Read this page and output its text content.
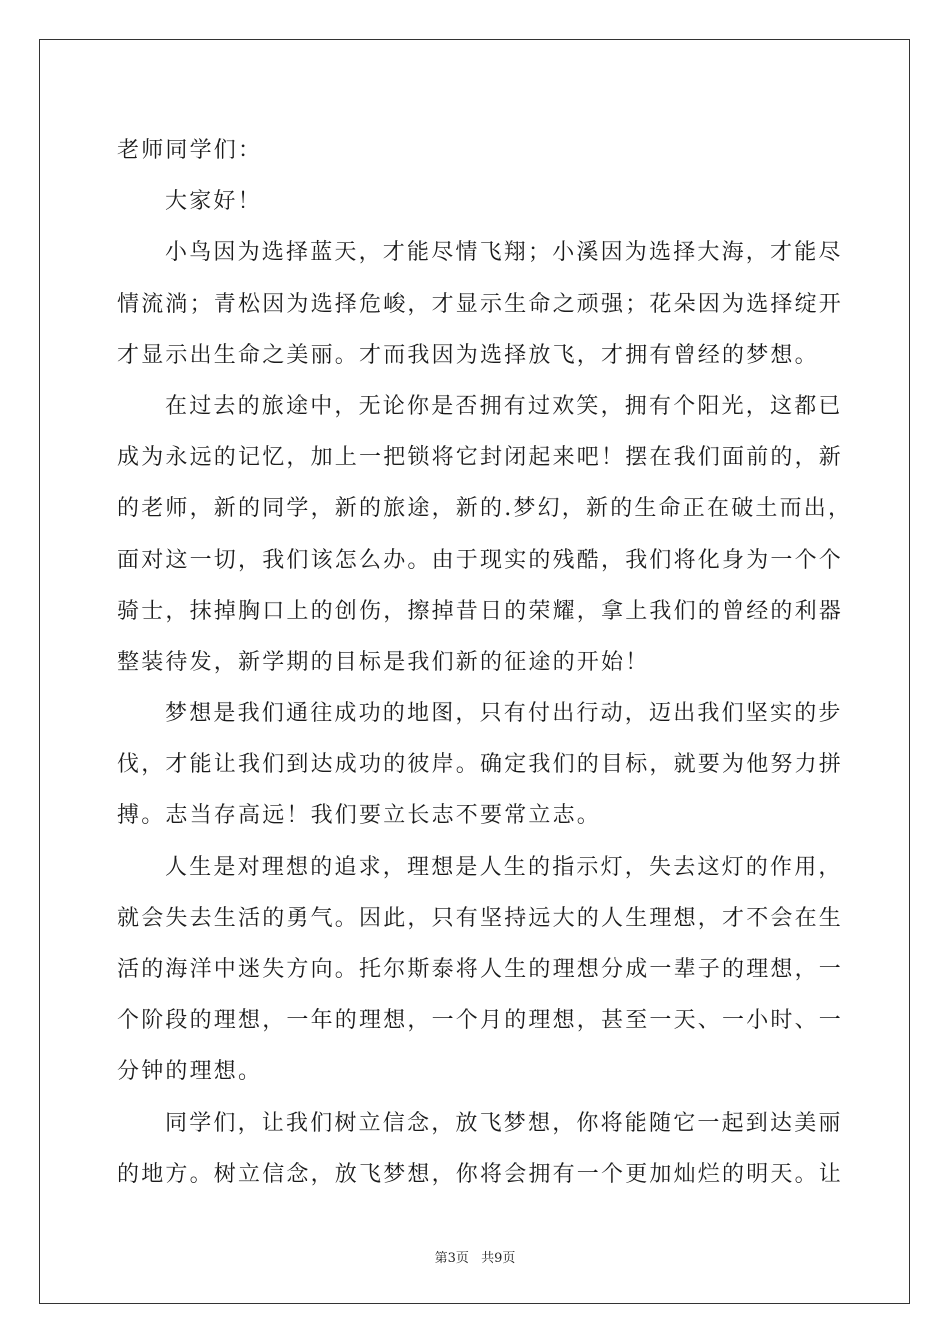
老师同学们：
大家好！
小鸟因为选择蓝天，才能尽情飞翔；小溪因为选择大海，才能尽
情流淌；青松因为选择危峻，才显示生命之顽强；花朵因为选择绽开
才显示出生命之美丽。才而我因为选择放飞，才拥有曾经的梦想。
在过去的旅途中，无论你是否拥有过欢笑，拥有个阳光，这都已
成为永远的记忆，加上一把锁将它封闭起来吧！摆在我们面前的，新
的老师，新的同学，新的旅途，新的.梦幻，新的生命正在破土而出，
面对这一切，我们该怎么办。由于现实的残酷，我们将化身为一个个
骑士，抹掉胸口上的创伤，擦掉昔日的荣耀，拿上我们的曾经的利器
整装待发，新学期的目标是我们新的征途的开始！
梦想是我们通往成功的地图，只有付出行动，迈出我们坚实的步
伐，才能让我们到达成功的彼岸。确定我们的目标，就要为他努力拼
搏。志当存高远！我们要立长志不要常立志。
人生是对理想的追求，理想是人生的指示灯，失去这灯的作用，
就会失去生活的勇气。因此，只有坚持远大的人生理想，才不会在生
活的海洋中迷失方向。托尔斯泰将人生的理想分成一辈子的理想，一
个阶段的理想，一年的理想，一个月的理想，甚至一天、一小时、一
分钟的理想。
同学们，让我们树立信念，放飞梦想，你将能随它一起到达美丽
的地方。树立信念，放飞梦想，你将会拥有一个更加灿烂的明天。让
第3页 共9页
